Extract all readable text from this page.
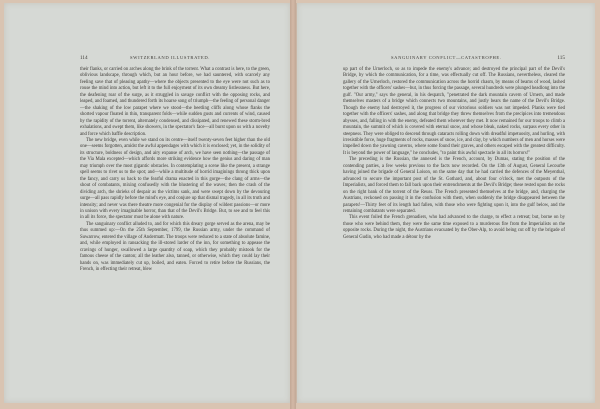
114	SWITZERLAND ILLUSTRATED.

their flanks, or carried on arches along the brink of the torrent. What a contrast is here, to the green, oblivious landscape, through which, but an hour before, we had sauntered, with scarcely any feeling save that of pleasing apathy—where the objects presented to the eye were not such as to rouse the mind into action, but left it to the full enjoyment of its own dreamy listlessness. But here, the deafening roar of the surge, as it struggled in savage conflict with the opposing rocks, and leaped, and foamed, and thundered forth its hoarse song of triumph—the feeling of personal danger—the shaking of the low parapet where we stood—the beetling cliffs along whose flanks the shorted vapour floated in thin, transparent folds—while sudden gusts and currents of wind, caused by the rapidity of the torrent, alternately condensed, and dissipated, and renewed these storm-bred exhalations, and swept them, like showers, in the spectator's face—all burst upon us with a novelty and force which baffle description.

The new bridge, even while we stand on its centre—itself twenty-seven feet higher than the old one—seems forgotten, amidst the awful appendages with which it is enclosed; yet, in the solidity of its structure, boldness of design, and airy expanse of arch, we have seen nothing—the passage of the Via Mala excepted—which affords more striking evidence how the genius and daring of man may triumph over the most gigantic obstacles. In contemplating a scene like the present, a strange spell seems to rivet us to the spot; and—while a multitude of horrid imaginings throng thick upon the fancy, and carry us back to the fearful drama enacted in this gorge—the clang of arms—the shout of combatants, mixing confusedly with the blustering of the waves; then the crash of the dividing arch, the shrieks of despair as the victims sank, and were swept down by the devouring surge—all pass rapidly before the mind's eye, and conjure up that dismal tragedy, in all its truth and intensity; and never was there theatre more congenial for the display of wildest passions—or more in unison with every imaginable horror, than that of the Devil's Bridge. But, to see and to feel this in all its force, the spectator must be alone with nature.

The sanguinary conflict alluded to, and for which this dreary gorge served as the arena, may be thus summed up:—On the 25th September, 1799, the Russian army, under the command of Suwarrow, entered the village of Andermatt. The troops were reduced to a state of absolute famine, and, while employed in ransacking the ill-stored larder of the inn, for something to appease the cravings of hunger, swallowed a large quantity of soap, which they probably mistook for the famous cheese of the canton; all the leather also, tanned, or otherwise, which they could lay their hands on, was immediately cut up, boiled, and eaten. Forced to retire before the Russians, the French, in effecting their retreat, blew

SANGUINARY CONFLICT—CATASTROPHE.	115

up part of the Urnerloch, so as to impede the enemy's advance; and destroyed the principal part of the Devil's Bridge, by which the communication, for a time, was effectually cut off. The Russians, nevertheless, cleared the gallery of the Urnerloch, restored the communication across the horrid chasm, by means of beams of wood, lashed together with the officers' sashes—but, in thus forcing the passage, several hundreds were plunged headlong into the gulf. "Our army," says the general, in his despatch, "penetrated the dark mountain cavern of Urnern, and made themselves masters of a bridge which connects two mountains, and justly bears the name of the Devil's Bridge. Though the enemy had destroyed it, the progress of our victorious soldiers was not impeded. Planks were tied together with the officers' sashes, and along that bridge they threw themselves from the precipices into tremendous abysses, and, falling in with the enemy, defeated them wherever they met. It now remained for our troops to climb a mountain, the summit of which is covered with eternal snow, and whose bleak, naked rocks, surpass every other in steepness. They were obliged to descend through cataracts rolling down with dreadful impetuosity, and hurling, with irresistible force, huge fragments of rocks, masses of snow, ice, and clay, by which numbers of men and horses were impelled down the yawning caverns, where some found their graves, and others escaped with the greatest difficulty. It is beyond the power of language," he concludes, "to paint this awful spectacle in all its horrors!"

The preceding is the Russian, the annexed is the French, account, by Dumas, stating the position of the contending parties, a few weeks previous to the facts now recorded. On the 13th of August, General Lecourbe having joined the brigade of General Loison, on the same day that he had carried the defences of the Meyenthal, advanced to secure the important post of the St. Gothard, and, about four o'clock, met the outposts of the Imperialists, and forced them to fall back upon their entrenchments at the Devil's Bridge; these rested upon the rocks on the right bank of the torrent of the Reuss. The French presented themselves at the bridge, and, charging the Austrians, reckoned on passing it in the confusion with them, when suddenly the bridge disappeared between the parapets!—Thirty feet of its length had fallen, with those who were fighting upon it, into the gulf below, and the remaining combatants were separated.

This event foiled the French grenadiers, who had advanced to the charge, to effect a retreat; but, borne on by those who were behind them, they were the same time exposed to a murderous fire from the Imperialists on the opposite rocks. During the night, the Austrians evacuated by the Ober-Alp, to avoid being cut off by the brigade of General Gudin, who had made a détour by the
